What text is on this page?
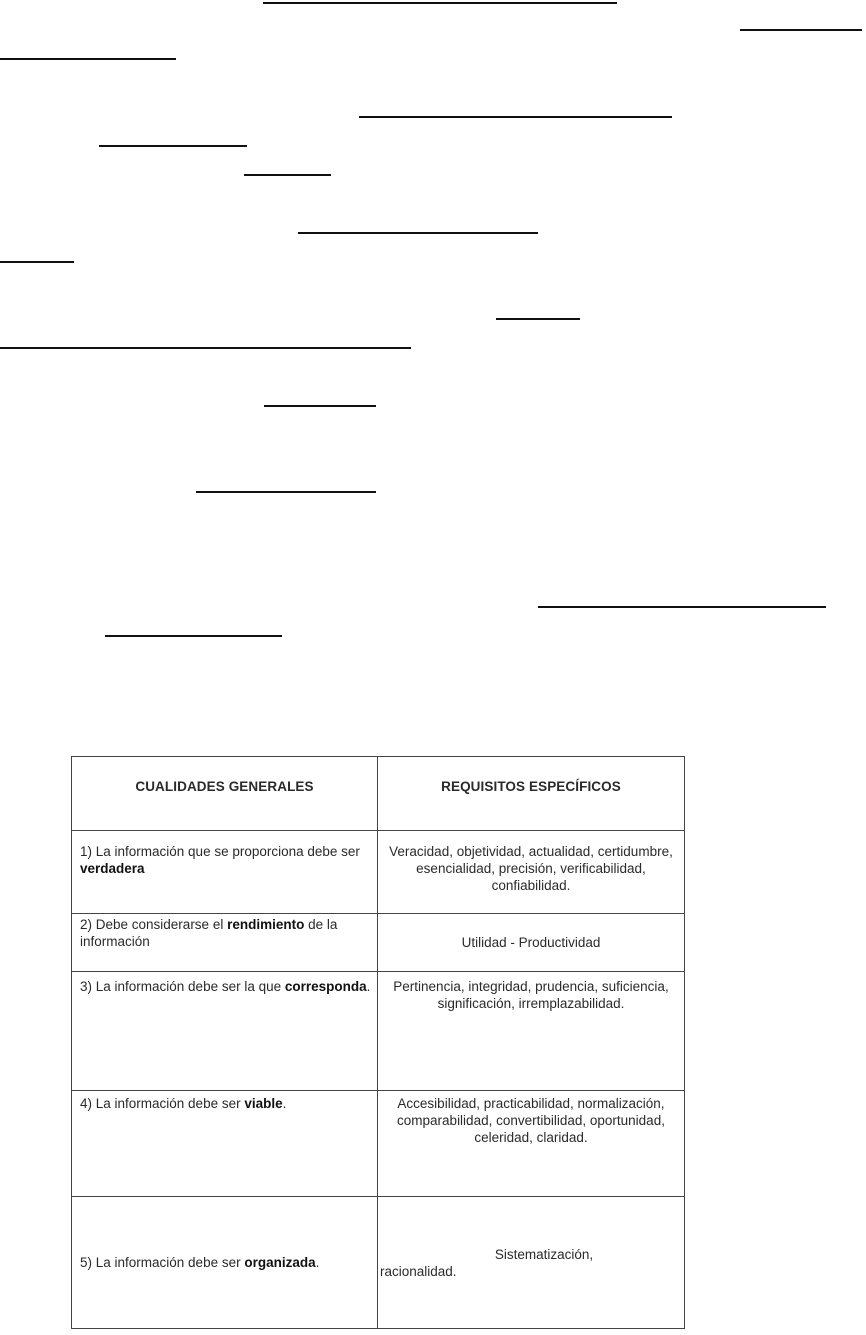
CUALIDADES GENERALES	REQUISITOS ESPECÍFICOS
1) La información que se proporciona debe ser verdadera	Veracidad, objetividad, actualidad, certidumbre, esencialidad, precisión, verificabilidad, confiabilidad.
2) Debe considerarse el rendimiento de la información	Utilidad - Productividad
3) La información debe ser la que corresponda.	Pertinencia, integridad, prudencia, suficiencia, significación, irremplazabilidad.
4) La información debe ser viable.	Accesibilidad, practicabilidad, normalización, comparabilidad, convertibilidad, oportunidad, celeridad, claridad.
5) La información debe ser organizada.	Sistematización,
racionalidad.
